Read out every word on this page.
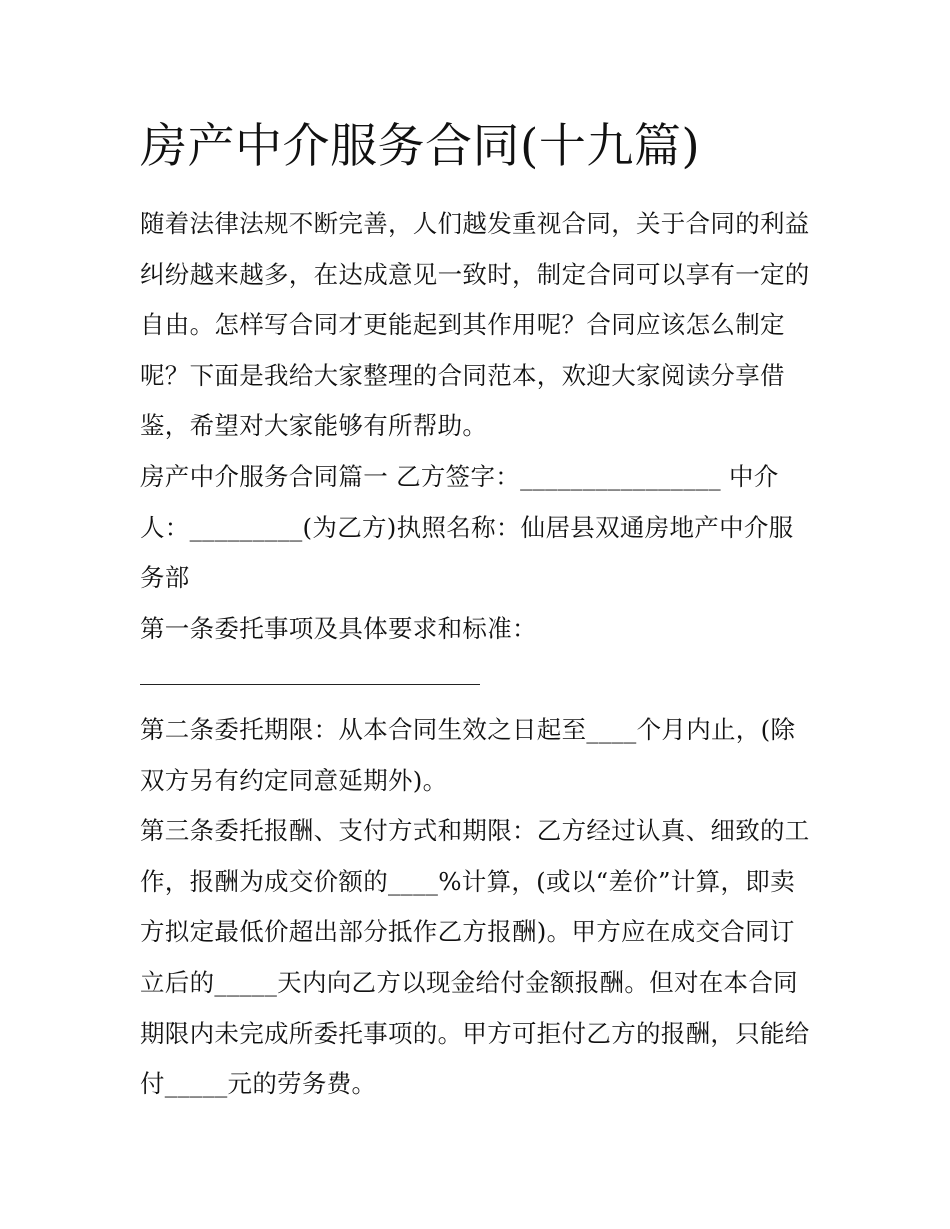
房产中介服务合同(十九篇)

随着法律法规不断完善，人们越发重视合同，关于合同的利益纠纷越来越多，在达成意见一致时，制定合同可以享有一定的自由。怎样写合同才更能起到其作用呢？合同应该怎么制定呢？下面是我给大家整理的合同范本，欢迎大家阅读分享借鉴，希望对大家能够有所帮助。

房产中介服务合同篇一 乙方签字：________________ 中介人：_________(为乙方)执照名称：仙居县双通房地产中介服务部

第一条委托事项及具体要求和标准：

第二条委托期限：从本合同生效之日起至____个月内止，(除双方另有约定同意延期外)。

第三条委托报酬、支付方式和期限：乙方经过认真、细致的工作，报酬为成交价额的____%计算，(或以“差价”计算，即卖方拟定最低价超出部分抵作乙方报酬)。甲方应在成交合同订立后的_____天内向乙方以现金给付金额报酬。但对在本合同期限内未完成所委托事项的。甲方可拒付乙方的报酬，只能给付_____元的劳务费。
